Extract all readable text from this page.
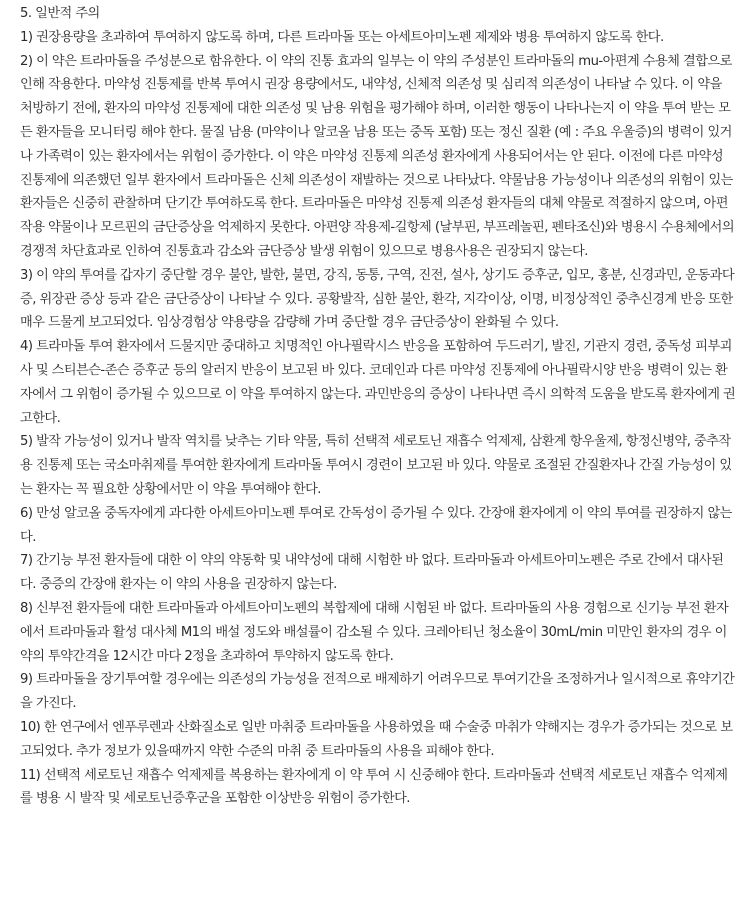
5. 일반적 주의

1) 권장용량을 초과하여 투여하지 않도록 하며, 다른 트라마돌 또는 아세트아미노펜 제제와 병용 투여하지 않도록 한다.

2) 이 약은 트라마돌을 주성분으로 함유한다. 이 약의 진통 효과의 일부는 이 약의 주성분인 트라마돌의 mu-아편계 수용체 결합으로 인해 작용한다. 마약성 진통제를 반복 투여시 권장 용량에서도, 내약성, 신체적 의존성 및 심리적 의존성이 나타날 수 있다. 이 약을 처방하기 전에, 환자의 마약성 진통제에 대한 의존성 및 남용 위험을 평가해야 하며, 이러한 행동이 나타나는지 이 약을 투여 받는 모든 환자들을 모니터링 해야 한다. 물질 남용 (마약이나 알코올 남용 또는 중독 포함) 또는 정신 질환 (예 : 주요 우울증)의 병력이 있거나 가족력이 있는 환자에서는 위험이 증가한다. 이 약은 마약성 진통제 의존성 환자에게 사용되어서는 안 된다. 이전에 다른 마약성 진통제에 의존했던 일부 환자에서 트라마돌은 신체 의존성이 재발하는 것으로 나타났다. 약물남용 가능성이나 의존성의 위험이 있는 환자들은 신중히 관찰하며 단기간 투여하도록 한다. 트라마돌은 마약성 진통제 의존성 환자들의 대체 약물로 적절하지 않으며, 아편작용 약물이나 모르핀의 금단증상을 억제하지 못한다. 아편양 작용제-길항제 (날부핀, 부프레놀핀, 펜타조신)와 병용시 수용체에서의 경쟁적 차단효과로 인하여 진통효과 감소와 금단증상 발생 위험이 있으므로 병용사용은 권장되지 않는다.

3) 이 약의 투여를 갑자기 중단할 경우 불안, 발한, 불면, 강직, 동통, 구역, 진전, 설사, 상기도 증후군, 입모, 홍분, 신경과민, 운동과다증, 위장관 증상 등과 같은 금단증상이 나타날 수 있다. 공황발작, 심한 불안, 환각, 지각이상, 이명, 비정상적인 중추신경계 반응 또한 매우 드물게 보고되었다. 임상경험상 약용량을 감량해 가며 중단할 경우 금단증상이 완화될 수 있다.

4) 트라마돌 투여 환자에서 드물지만 중대하고 치명적인 아나필락시스 반응을 포함하여 두드러기, 발진, 기관지 경련, 중독성 피부괴사 및 스티븐슨-존슨 증후군 등의 알러지 반응이 보고된 바 있다. 코데인과 다른 마약성 진통제에 아나필락시양 반응 병력이 있는 환자에서 그 위험이 증가될 수 있으므로 이 약을 투여하지 않는다. 과민반응의 증상이 나타나면 즉시 의학적 도움을 받도록 환자에게 권고한다.

5) 발작 가능성이 있거나 발작 역치를 낮추는 기타 약물, 특히 선택적 세로토닌 재흡수 억제제, 삼환계 항우울제, 항정신병약, 중추작용 진통제 또는 국소마취제를 투여한 환자에게 트라마돌 투여시 경련이 보고된 바 있다. 약물로 조절된 간질환자나 간질 가능성이 있는 환자는 꼭 필요한 상황에서만 이 약을 투여해야 한다.

6) 만성 알코올 중독자에게 과다한 아세트아미노펜 투여로 간독성이 증가될 수 있다. 간장애 환자에게 이 약의 투여를 권장하지 않는다.

7) 간기능 부전 환자들에 대한 이 약의 약동학 및 내약성에 대해 시험한 바 없다. 트라마돌과 아세트아미노펜은 주로 간에서 대사된다. 중증의 간장애 환자는 이 약의 사용을 권장하지 않는다.

8) 신부전 환자들에 대한 트라마돌과 아세트아미노펜의 복합제에 대해 시험된 바 없다. 트라마돌의 사용 경험으로 신기능 부전 환자에서 트라마돌과 활성 대사체 M1의 배설 정도와 배설률이 감소될 수 있다. 크레아티닌 청소율이 30mL/min 미만인 환자의 경우 이 약의 투약간격을 12시간 마다 2정을 초과하여 투약하지 않도록 한다.

9) 트라마돌을 장기투여할 경우에는 의존성의 가능성을 전적으로 배제하기 어려우므로 투여기간을 조정하거나 일시적으로 휴약기간을 가진다.

10) 한 연구에서 엔푸루렌과 산화질소로 일반 마취중 트라마돌을 사용하였을 때 수술중 마취가 약해지는 경우가 증가되는 것으로 보고되었다. 추가 정보가 있을때까지 약한 수준의 마취 중 트라마돌의 사용을 피해야 한다.

11) 선택적 세로토닌 재흡수 억제제를 복용하는 환자에게 이 약 투여 시 신중해야 한다. 트라마돌과 선택적 세로토닌 재흡수 억제제를 병용 시 발작 및 세로토닌증후군을 포함한 이상반응 위험이 증가한다.
